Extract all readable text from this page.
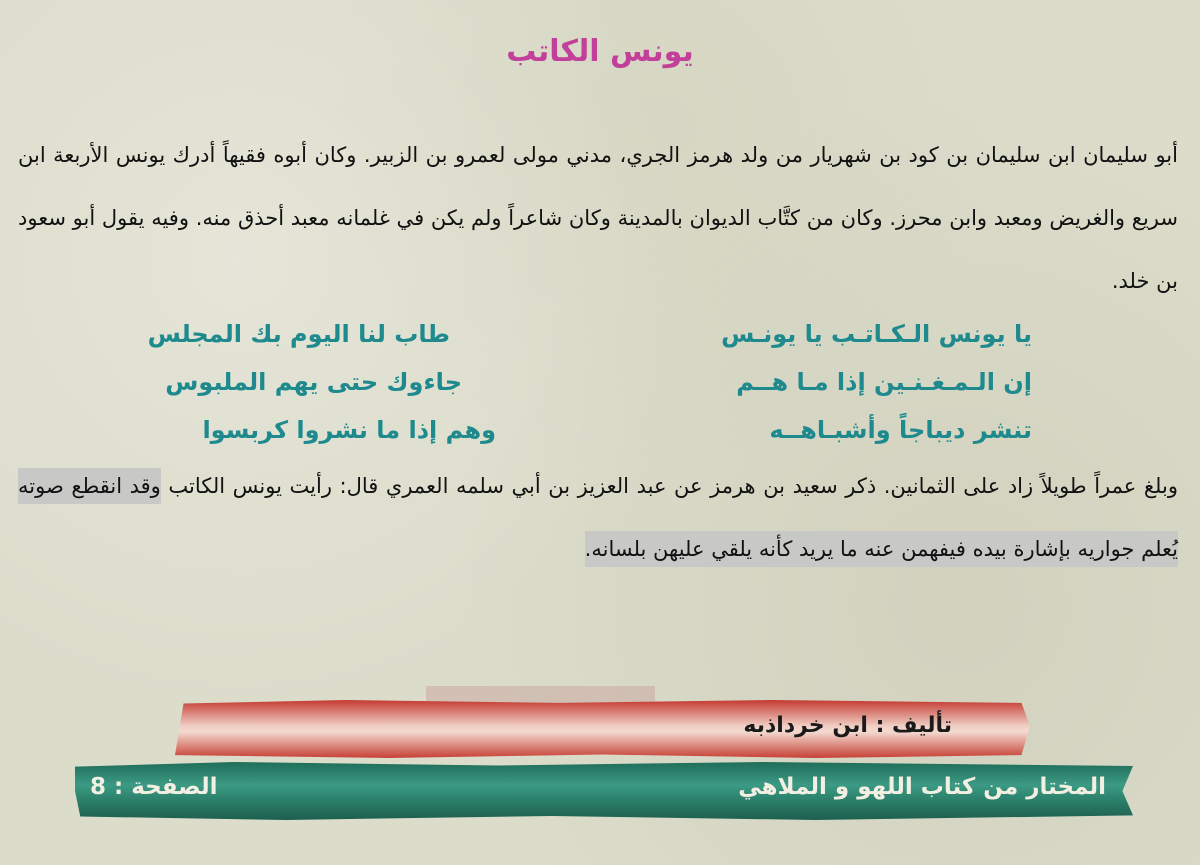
يونس الكاتب
أبو سليمان ابن سليمان بن كود بن شهريار من ولد هرمز الجري، مدني مولى لعمرو بن الزبير. وكان أبوه فقيهاً أدرك يونس الأربعة ابن سريع والغريض ومعبد وابن محرز. وكان من كتَّاب الديوان بالمدينة وكان شاعراً ولم يكن في غلمانه معبد أحذق منه. وفيه يقول أبو سعود بن خلد.
يا يونس الـكـاتـب يا يونـس
طاب لنا اليوم بك المجلس
إن الـمـغـنـين إذا مـا هــم
جاءوك حتى يهم الملبوس
تنشر ديباجاً وأشبـاهــه
وهم إذا ما نشروا كربسوا
وبلغ عمراً طويلاً زاد على الثمانين. ذكر سعيد بن هرمز عن عبد العزيز بن أبي سلمه العمري قال: رأيت يونس الكاتب وقد انقطع صوته يُعلم جواريه بإشارة بيده فيفهمن عنه ما يريد كأنه يلقي عليهن بلسانه.
تأليف : ابن خرداذبه
المختار من كتاب اللهو و الملاهي
الصفحة : 8
